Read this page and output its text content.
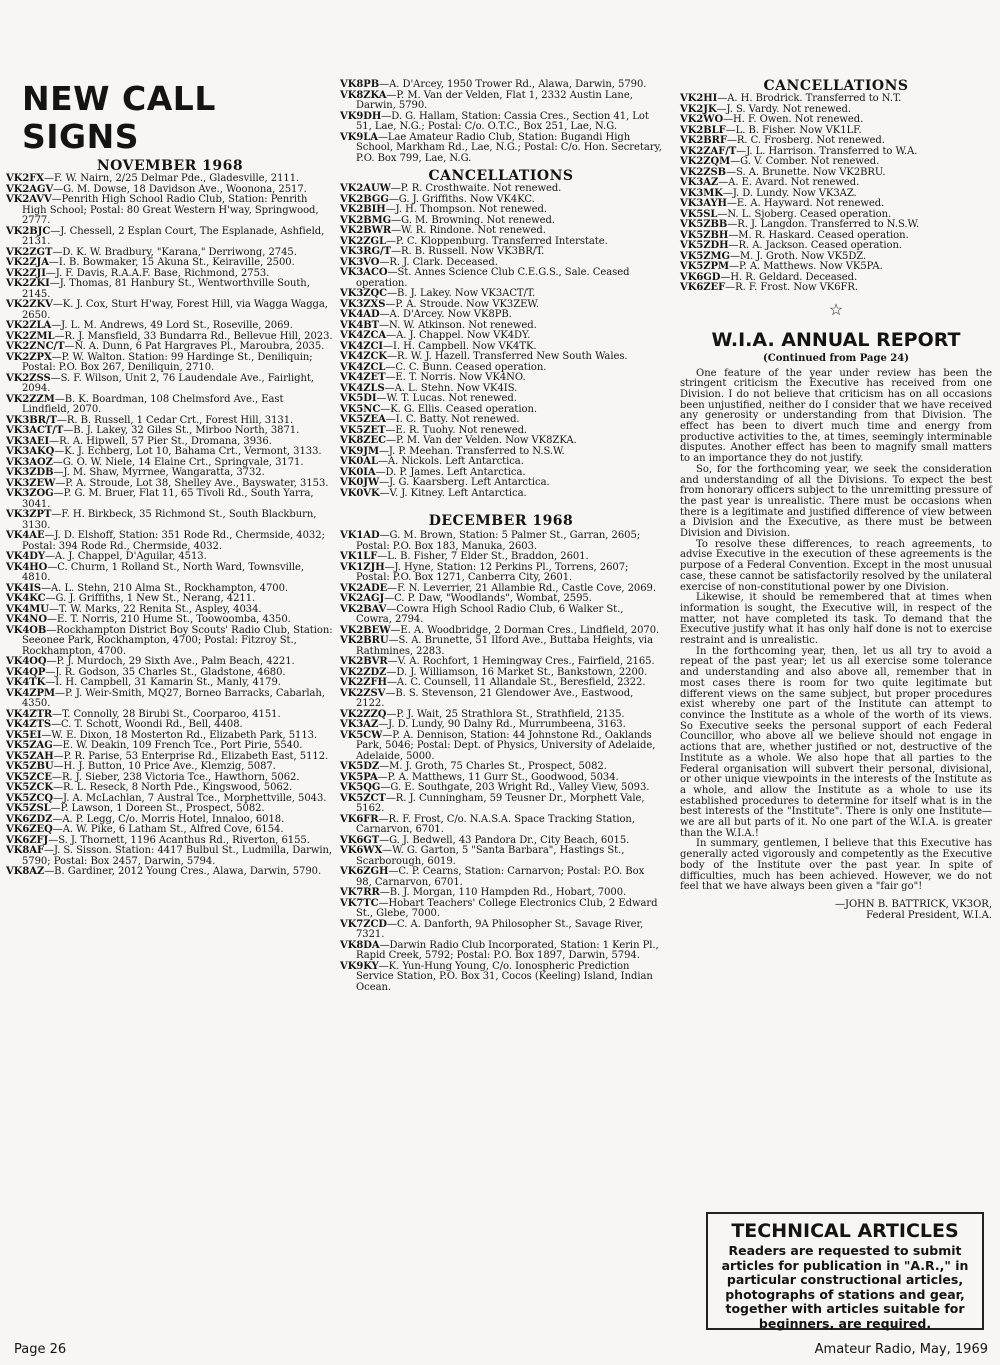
NEW CALL SIGNS
NOVEMBER 1968
VK2FX—F. W. Nairn, 2/25 Delmar Pde., Gladesville, 2111.
VK2AGV—G. M. Dowse, 18 Davidson Ave., Woonona, 2517.
VK2AVV—Penrith High School Radio Club, Station: Penrith High School; Postal: 80 Great Western H'way, Springwood, 2777.
VK2BJC—J. Chessell, 2 Esplan Court, The Esplanade, Ashfield, 2131.
VK2ZGT—D. K. W. Bradbury, "Karana," Derriwong, 2745.
VK2ZJA—I. B. Bowmaker, 15 Akuna St., Keiraville, 2500.
VK2ZJI—J. F. Davis, R.A.A.F. Base, Richmond, 2753.
VK2ZKI—J. Thomas, 81 Hanbury St., Wentworthville South, 2145.
VK2ZKV—K. J. Cox, Sturt H'way, Forest Hill, via Wagga Wagga, 2650.
VK2ZLA—J. L. M. Andrews, 49 Lord St., Roseville, 2069.
VK2ZML—R. J. Mansfield, 33 Bundarra Rd., Bellevue Hill, 2023.
VK2ZNC/T—N. A. Dunn, 6 Pat Hargraves Pl., Maroubra, 2035.
VK2ZPX—P. W. Walton. Station: 99 Hardinge St., Deniliquin; Postal: P.O. Box 267, Deniliquin, 2710.
VK2ZSS—S. F. Wilson, Unit 2, 76 Laudendale Ave., Fairlight, 2094.
VK2ZZM—B. K. Boardman, 108 Chelmsford Ave., East Lindfield, 2070.
VK3BR/T—R. B. Russell, 1 Cedar Crt., Forest Hill, 3131.
VK3ACT/T—B. J. Lakey, 32 Giles St., Mirboo North, 3871.
VK3AEI—R. A. Hipwell, 57 Pier St., Dromana, 3936.
VK3AKQ—K. J. Echberg, Lot 10, Bahama Crt., Vermont, 3133.
VK3AOZ—G. O. W. Niele, 14 Elaine Crt., Springvale, 3171.
VK3ZDB—J. M. Shaw, Myrrnee, Wangaratta, 3732.
VK3ZEW—P. A. Stroude, Lot 38, Shelley Ave., Bayswater, 3153.
VK3ZOG—P. G. M. Bruer, Flat 11, 65 Tivoli Rd., South Yarra, 3041.
VK3ZPT—F. H. Birkbeck, 35 Richmond St., South Blackburn, 3130.
VK4AE—J. D. Elshoff, Station: 351 Rode Rd., Chermside, 4032; Postal: 394 Rode Rd., Chermside, 4032.
VK4DY—A. J. Chappel, D'Aguilar, 4513.
VK4HO—C. Churm, 1 Rolland St., North Ward, Townsville, 4810.
VK4IS—A. L. Stehn, 210 Alma St., Rockhampton, 4700.
VK4KC—G. J. Griffiths, 1 New St., Nerang, 4211.
VK4MU—T. W. Marks, 22 Renita St., Aspley, 4034.
VK4NO—E. T. Norris, 210 Hume St., Toowoomba, 4350.
VK4OB—Rockhampton District Boy Scouts' Radio Club, Station: Seeonee Park, Rockhampton, 4700; Postal: Fitzroy St., Rockhampton, 4700.
VK4OQ—P. J. Murdoch, 29 Sixth Ave., Palm Beach, 4221.
VK4QP—J. R. Godson, 35 Charles St., Gladstone, 4680.
VK4TK—I. H. Campbell, 31 Kamarin St., Manly, 4179.
VK4ZPM—P. J. Weir-Smith, MQ27, Borneo Barracks, Cabarlah, 4350.
VK4ZTR—T. Connolly, 28 Birubi St., Coorparoo, 4151.
VK4ZTS—C. T. Schott, Woondi Rd., Bell, 4408.
VK5EI—W. E. Dixon, 18 Mosterton Rd., Elizabeth Park, 5113.
VK5ZAG—E. W. Deakin, 109 French Tce., Port Pirie, 5540.
VK5ZAH—P. R. Parise, 53 Enterprise Rd., Elizabeth East, 5112.
VK5ZBU—H. J. Button, 10 Price Ave., Klemzig, 5087.
VK5ZCE—R. J. Sieber, 238 Victoria Tce., Hawthorn, 5062.
VK5ZCK—R. L. Reseck, 8 North Pde., Kingswood, 5062.
VK5ZCQ—J. A. McLachlan, 7 Austral Tce., Morphettville, 5043.
VK5ZSL—P. Lawson, 1 Doreen St., Prospect, 5082.
VK6ZDZ—A. P. Legg, C/o. Morris Hotel, Innaloo, 6018.
VK6ZEQ—A. W. Pike, 6 Latham St., Alfred Cove, 6154.
VK6ZFJ—S. J. Thornett, 1196 Acanthus Rd., Riverton, 6155.
VK8AF—J. S. Sisson. Station: 4417 Bulbul St., Ludmilla, Darwin, 5790; Postal: Box 2457, Darwin, 5794.
VK8AZ—B. Gardiner, 2012 Young Cres., Alawa, Darwin, 5790.
VK8PB—A. D'Arcey, 1950 Trower Rd., Alawa, Darwin, 5790.
VK8ZKA—P. M. Van der Velden, Flat 1, 2332 Austin Lane, Darwin, 5790.
VK9DH—D. G. Hallam, Station: Cassia Cres., Section 41, Lot 51, Lae, N.G.; Postal: C/o. O.T.C., Box 251, Lae, N.G.
VK9LA—Lae Amateur Radio Club, Station: Bugandi High School, Markham Rd., Lae, N.G.; Postal: C/o. Hon. Secretary, P.O. Box 799, Lae, N.G.
CANCELLATIONS
VK2AUW—P. R. Crosthwaite. Not renewed.
VK2BGG—G. J. Griffiths. Now VK4KC.
VK2BIH—J. H. Thompson. Not renewed.
VK2BMG—G. M. Browning. Not renewed.
VK2BWR—W. R. Rindone. Not renewed.
VK2ZGL—P. C. Kloppenburg. Transferred Interstate.
VK3RG/T—R. B. Russell. Now VK3BR/T.
VK3VO—R. J. Clark. Deceased.
VK3ACO—St. Annes Science Club C.E.G.S., Sale. Ceased operation.
VK3ZQC—B. J. Lakey. Now VK3ACT/T.
VK3ZXS—P. A. Stroude. Now VK3ZEW.
VK4AD—A. D'Arcey. Now VK8PB.
VK4BT—N. W. Atkinson. Not renewed.
VK4ZCA—A. J. Chappel. Now VK4DY.
VK4ZCI—I. H. Campbell. Now VK4TK.
VK4ZCK—R. W. J. Hazell. Transferred New South Wales.
VK4ZCL—C. C. Bunn. Ceased operation.
VK4ZET—E. T. Norris. Now VK4NO.
VK4ZLS—A. L. Stehn. Now VK4IS.
VK5DI—W. T. Lucas. Not renewed.
VK5NC—K. G. Ellis. Ceased operation.
VK5ZEA—I. C. Batty. Not renewed.
VK5ZET—E. R. Tuohy. Not renewed.
VK8ZEC—P. M. Van der Velden. Now VK8ZKA.
VK9JM—J. P. Meehan. Transferred to N.S.W.
VK0AL—A. Nickols. Left Antarctica.
VK0IA—D. P. James. Left Antarctica.
VK0JW—J. G. Kaarsberg. Left Antarctica.
VK0VK—V. J. Kitney. Left Antarctica.
DECEMBER 1968
VK1AD—G. M. Brown, Station: 5 Palmer St., Garran, 2605; Postal: P.O. Box 183, Manuka, 2603.
VK1LF—L. B. Fisher, 7 Elder St., Braddon, 2601.
VK1ZJH—J. Hyne, Station: 12 Perkins Pl., Torrens, 2607; Postal: P.O. Box 1271, Canberra City, 2601.
VK2ADE—F. N. Leverrier, 21 Allambie Rd., Castle Cove, 2069.
VK2AGJ—C. P. Daw, "Woodlands", Wombat, 2595.
VK2BAV—Cowra High School Radio Club, 6 Walker St., Cowra, 2794.
VK2BEW—E. A. Woodbridge, 2 Dorman Cres., Lindfield, 2070.
VK2BRU—S. A. Brunette, 51 Ilford Ave., Buttaba Heights, via Rathmines, 2283.
VK2BVR—V. A. Rochfort, 1 Hemingway Cres., Fairfield, 2165.
VK2ZDZ—D. J. Williamson, 16 Market St., Bankstown, 2200.
VK2ZFH—A. C. Counsell, 11 Allandale St., Beresfield, 2322.
VK2ZSV—B. S. Stevenson, 21 Glendower Ave., Eastwood, 2122.
VK2ZZQ—P. J. Wait, 25 Strathlora St., Strathfield, 2135.
VK3AZ—J. D. Lundy, 90 Dalny Rd., Murrumbeena, 3163.
VK5CW—P. A. Dennison, Station: 44 Johnstone Rd., Oaklands Park, 5046; Postal: Dept. of Physics, University of Adelaide, Adelaide, 5000.
VK5DZ—M. J. Groth, 75 Charles St., Prospect, 5082.
VK5PA—P. A. Matthews, 11 Gurr St., Goodwood, 5034.
VK5QG—G. E. Southgate, 203 Wright Rd., Valley View, 5093.
VK5ZCT—R. J. Cunningham, 59 Teusner Dr., Morphett Vale, 5162.
VK6FR—R. F. Frost, C/o. N.A.S.A. Space Tracking Station, Carnarvon, 6701.
VK6GT—G. J. Bedwell, 43 Pandora Dr., City Beach, 6015.
VK6WX—W. G. Garton, 5 "Santa Barbara", Hastings St., Scarborough, 6019.
VK6ZGH—C. P. Cearns, Station: Carnarvon; Postal: P.O. Box 98, Carnarvon, 6701.
VK7RR—B. J. Morgan, 110 Hampden Rd., Hobart, 7000.
VK7TC—Hobart Teachers' College Electronics Club, 2 Edward St., Glebe, 7000.
VK7ZCD—C. A. Danforth, 9A Philosopher St., Savage River, 7321.
VK8DA—Darwin Radio Club Incorporated, Station: 1 Kerin Pl., Rapid Creek, 5792; Postal: P.O. Box 1897, Darwin, 5794.
VK9KY—K. Yun-Hung Young, C/o. Ionospheric Prediction Service Station, P.O. Box 31, Cocos (Keeling) Island, Indian Ocean.
CANCELLATIONS
VK2HI—A. H. Brodrick. Transferred to N.T.
VK2JK—J. S. Vardy. Not renewed.
VK2WO—H. F. Owen. Not renewed.
VK2BLF—L. B. Fisher. Now VK1LF.
VK2BRF—R. C. Frosberg. Not renewed.
VK2ZAF/T—J. L. Harrison. Transferred to W.A.
VK2ZQM—G. V. Comber. Not renewed.
VK2ZSB—S. A. Brunette. Now VK2BRU.
VK3AZ—A. E. Avard. Not renewed.
VK3MK—J. D. Lundy. Now VK3AZ.
VK3AYH—E. A. Hayward. Not renewed.
VK5SL—N. L. Sjoberg. Ceased operation.
VK5ZBB—R. J. Langdon. Transferred to N.S.W.
VK5ZBH—M. R. Haskard. Ceased operation.
VK5ZDH—R. A. Jackson. Ceased operation.
VK5ZMG—M. J. Groth. Now VK5DZ.
VK5ZPM—P. A. Matthews. Now VK5PA.
VK6GD—H. R. Geldard. Deceased.
VK6ZEF—R. F. Frost. Now VK6FR.
☆
W.I.A. ANNUAL REPORT
(Continued from Page 24)

One feature of the year under review has been the stringent criticism the Executive has received from one Division. I do not believe that criticism has on all occasions been unjustified, neither do I consider that we have received any generosity or understanding from that Division. The effect has been to divert much time and energy from productive activities to the, at times, seemingly interminable disputes. Another effect has been to magnify small matters to an importance they do not justify.

So, for the forthcoming year, we seek the consideration and understanding of all the Divisions. To expect the best from honorary officers subject to the unremitting pressure of the past year is unrealistic. There must be occasions when there is a legitimate and justified difference of view between a Division and the Executive, as there must be between Division and Division.

To resolve these differences, to reach agreements, to advise Executive in the execution of these agreements is the purpose of a Federal Convention. Except in the most unusual case, these cannot be satisfactorily resolved by the unilateral exercise of non-constitutional power by one Division.

Likewise, it should be remembered that at times when information is sought, the Executive will, in respect of the matter, not have completed its task. To demand that the Executive justify what it has only half done is not to exercise restraint and is unrealistic.

In the forthcoming year, then, let us all try to avoid a repeat of the past year; let us all exercise some tolerance and understanding and also above all, remember that in most cases there is room for two quite legitimate but different views on the same subject, but proper procedures exist whereby one part of the Institute can attempt to convince the Institute as a whole of the worth of its views. So Executive seeks the personal support of each Federal Councillor, who above all we believe should not engage in actions that are, whether justified or not, destructive of the Institute as a whole. We also hope that all parties to the Federal organisation will subvert their personal, divisional, or other unique viewpoints in the interests of the Institute as a whole, and allow the Institute as a whole to use its established procedures to determine for itself what is in the best interests of the "Institute". There is only one Institute—we are all but parts of it. No one part of the W.I.A. is greater than the W.I.A.!

In summary, gentlemen, I believe that this Executive has generally acted vigorously and competently as the Executive body of the Institute over the past year. In spite of difficulties, much has been achieved. However, we do not feel that we have always been given a "fair go"!

—JOHN B. BATTRICK, VK3OR,
Federal President, W.I.A.
TECHNICAL ARTICLES
Readers are requested to submit articles for publication in "A.R.," in particular constructional articles, photographs of stations and gear, together with articles suitable for beginners, are required.
Page 26	Amateur Radio, May, 1969
